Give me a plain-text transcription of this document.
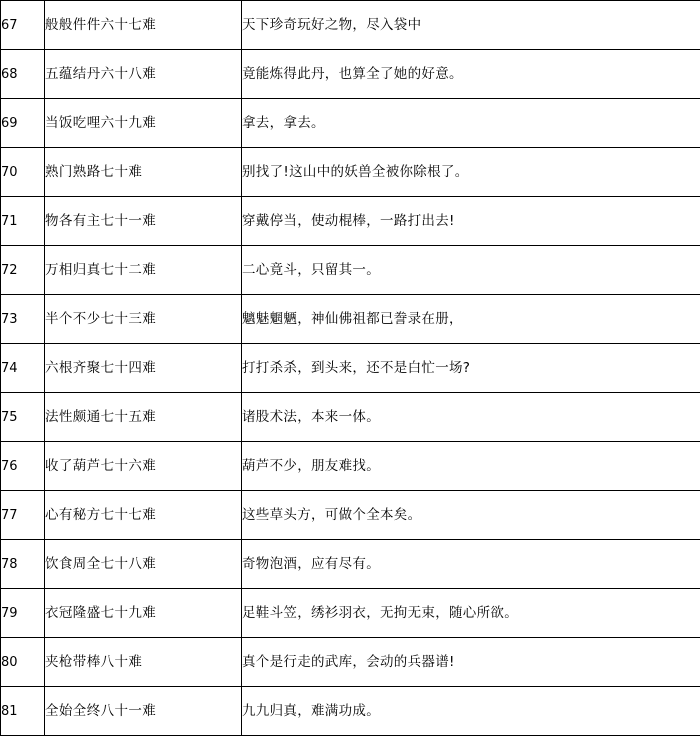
67	般般件件六十七难	天下珍奇玩好之物，尽入袋中
68	五蕴结丹六十八难	竟能炼得此丹，也算全了她的好意。
69	当饭吃哩六十九难	拿去，拿去。
70	熟门熟路七十难	别找了!这山中的妖兽全被你除根了。
71	物各有主七十一难	穿戴停当，使动棍棒，一路打出去!
72	万相归真七十二难	二心竟斗，只留其一。
73	半个不少七十三难	魑魅魍魉，神仙佛祖都已誊录在册，
74	六根齐聚七十四难	打打杀杀，到头来，还不是白忙一场?
75	法性颇通七十五难	诸股术法，本来一体。
76	收了葫芦七十六难	葫芦不少，朋友难找。
77	心有秘方七十七难	这些草头方，可做个全本矣。
78	饮食周全七十八难	奇物泡酒，应有尽有。
79	衣冠隆盛七十九难	足鞋斗笠，绣衫羽衣，无拘无束，随心所欲。
80	夹枪带棒八十难	真个是行走的武库，会动的兵器谱!
81	全始全终八十一难	九九归真，难满功成。
